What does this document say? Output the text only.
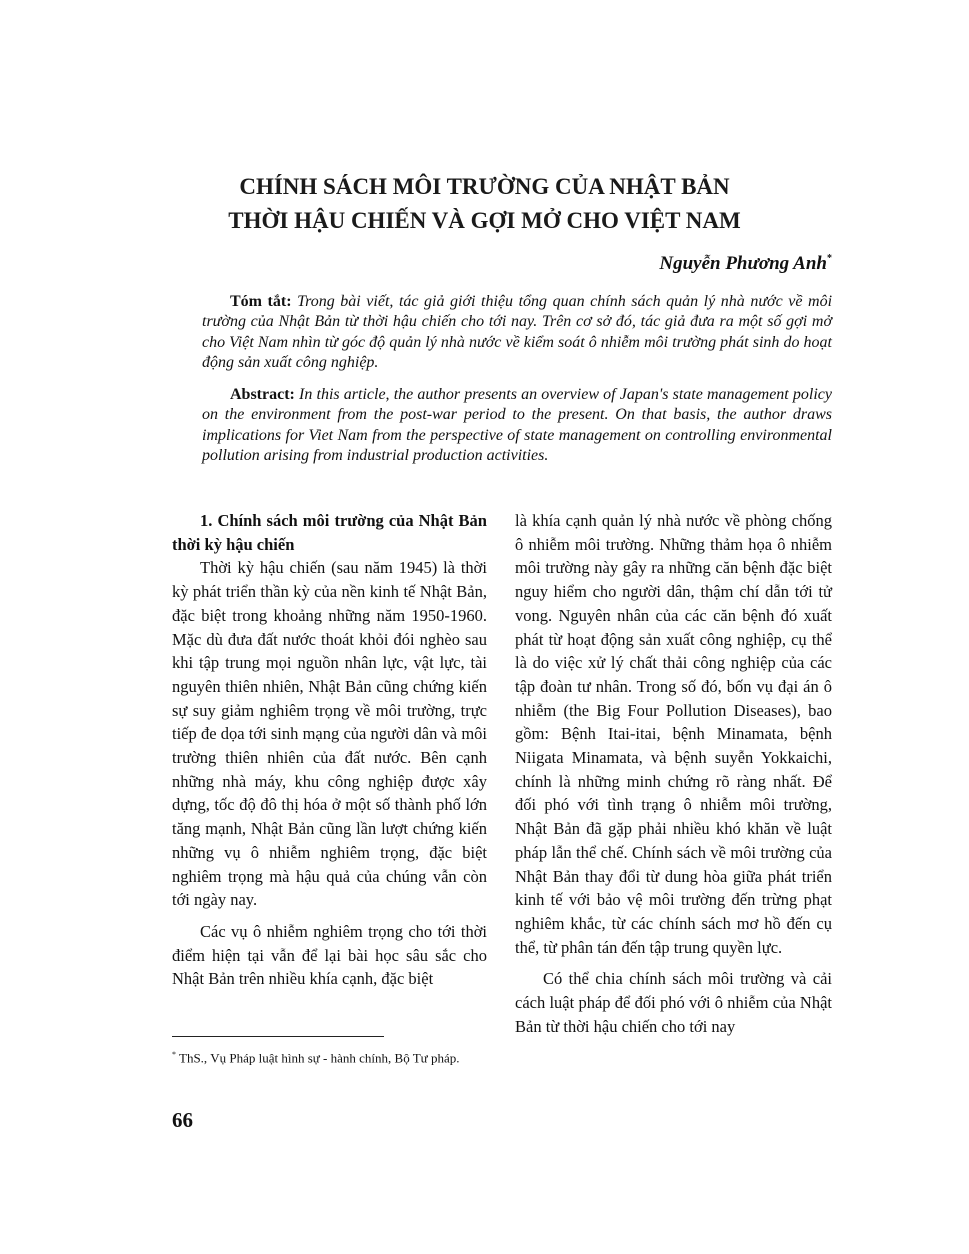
CHÍNH SÁCH MÔI TRƯỜNG CỦA NHẬT BẢN
THỜI HẬU CHIẾN VÀ GỢI MỞ CHO VIỆT NAM
Nguyễn Phương Anh*
Tóm tắt: Trong bài viết, tác giả giới thiệu tổng quan chính sách quản lý nhà nước về môi trường của Nhật Bản từ thời hậu chiến cho tới nay. Trên cơ sở đó, tác giả đưa ra một số gợi mở cho Việt Nam nhìn từ góc độ quản lý nhà nước về kiểm soát ô nhiễm môi trường phát sinh do hoạt động sản xuất công nghiệp.
Abstract: In this article, the author presents an overview of Japan's state management policy on the environment from the post-war period to the present. On that basis, the author draws implications for Viet Nam from the perspective of state management on controlling environmental pollution arising from industrial production activities.

1. Chính sách môi trường của Nhật Bản thời kỳ hậu chiến

Thời kỳ hậu chiến (sau năm 1945) là thời kỳ phát triển thần kỳ của nền kinh tế Nhật Bản, đặc biệt trong khoảng những năm 1950-1960. Mặc dù đưa đất nước thoát khỏi đói nghèo sau khi tập trung mọi nguồn nhân lực, vật lực, tài nguyên thiên nhiên, Nhật Bản cũng chứng kiến sự suy giảm nghiêm trọng về môi trường, trực tiếp đe dọa tới sinh mạng của người dân và môi trường thiên nhiên của đất nước. Bên cạnh những nhà máy, khu công nghiệp được xây dựng, tốc độ đô thị hóa ở một số thành phố lớn tăng mạnh, Nhật Bản cũng lần lượt chứng kiến những vụ ô nhiễm nghiêm trọng, đặc biệt nghiêm trọng mà hậu quả của chúng vẫn còn tới ngày nay.

Các vụ ô nhiễm nghiêm trọng cho tới thời điểm hiện tại vẫn để lại bài học sâu sắc cho Nhật Bản trên nhiều khía cạnh, đặc biệt

là khía cạnh quản lý nhà nước về phòng chống ô nhiễm môi trường. Những thảm họa ô nhiễm môi trường này gây ra những căn bệnh đặc biệt nguy hiểm cho người dân, thậm chí dẫn tới tử vong. Nguyên nhân của các căn bệnh đó xuất phát từ hoạt động sản xuất công nghiệp, cụ thể là do việc xử lý chất thải công nghiệp của các tập đoàn tư nhân. Trong số đó, bốn vụ đại án ô nhiễm (the Big Four Pollution Diseases), bao gồm: Bệnh Itai-itai, bệnh Minamata, bệnh Niigata Minamata, và bệnh suyễn Yokkaichi, chính là những minh chứng rõ ràng nhất. Để đối phó với tình trạng ô nhiễm môi trường, Nhật Bản đã gặp phải nhiều khó khăn về luật pháp lẫn thể chế. Chính sách về môi trường của Nhật Bản thay đổi từ dung hòa giữa phát triển kinh tế với bảo vệ môi trường đến trừng phạt nghiêm khắc, từ các chính sách mơ hồ đến cụ thể, từ phân tán đến tập trung quyền lực.

Có thể chia chính sách môi trường và cải cách luật pháp để đối phó với ô nhiễm của Nhật Bản từ thời hậu chiến cho tới nay

* ThS., Vụ Pháp luật hình sự - hành chính, Bộ Tư pháp.
66
